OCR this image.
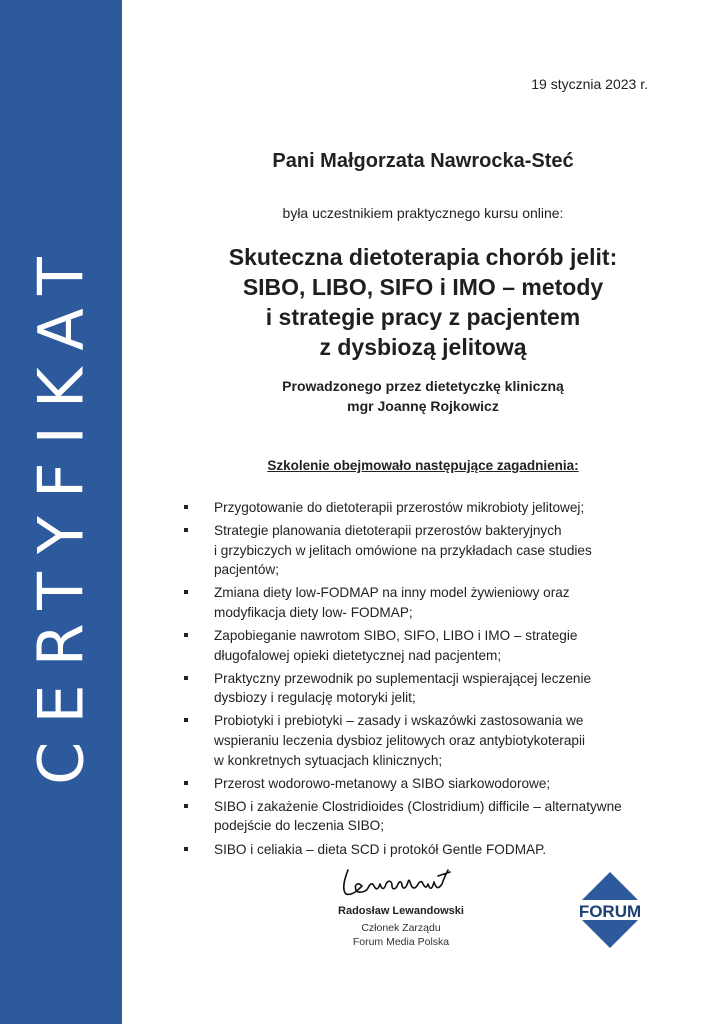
CERTYFIKAT
19 stycznia 2023 r.
Pani Małgorzata Nawrocka-Steć
była uczestnikiem praktycznego kursu online:
Skuteczna dietoterapia chorób jelit:
SIBO, LIBO, SIFO i IMO – metody
i strategie pracy z pacjentem
z dysbiozą jelitową
Prowadzonego przez dietetyczkę kliniczną
mgr Joannę Rojkowicz
Szkolenie obejmowało następujące zagadnienia:
Przygotowanie do dietoterapii przerostów mikrobioty jelitowej;
Strategie planowania dietoterapii przerostów bakteryjnych
i grzybiczych w jelitach omówione na przykładach case studies
pacjentów;
Zmiana diety low-FODMAP na inny model żywieniowy oraz
modyfikacja diety low- FODMAP;
Zapobieganie nawrotom SIBO, SIFO, LIBO i IMO – strategie
długofalowej opieki dietetycznej nad pacjentem;
Praktyczny przewodnik po suplementacji wspierającej leczenie
dysbiozy i regulację motoryki jelit;
Probiotyki i prebiotyki – zasady i wskazówki zastosowania we
wspieraniu leczenia dysbioz jelitowych oraz antybiotykoterapii
w konkretnych sytuacjach klinicznych;
Przerost wodorowo-metanowy a SIBO siarkowodorowe;
SIBO i zakażenie Clostridioides (Clostridium) difficile – alternatywne
podejście do leczenia SIBO;
SIBO i celiakia – dieta SCD i protokół Gentle FODMAP.
Radosław Lewandowski
Członek Zarządu
Forum Media Polska
FORUM
